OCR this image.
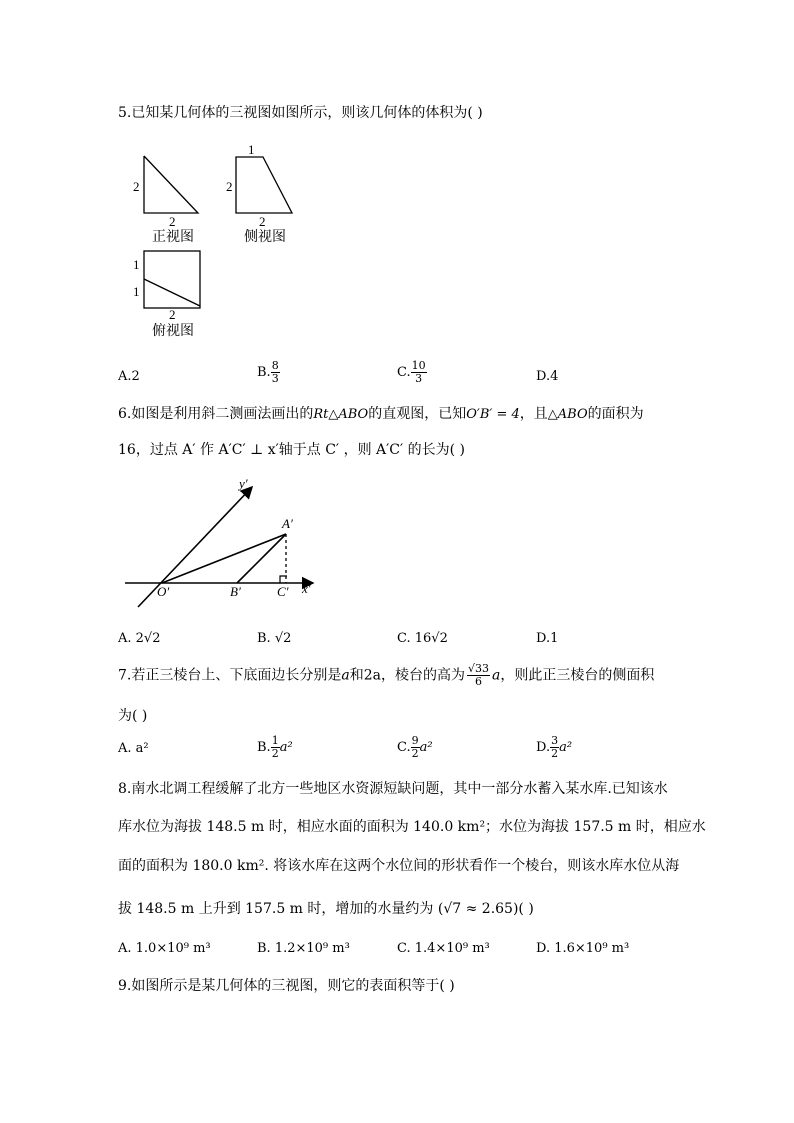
5.已知某几何体的三视图如图所示，则该几何体的体积为( )
2
2
正视图
1
2
2
侧视图
1
1
2
俯视图
A.2	B. $\frac{8}{3}$	C. $\frac{10}{3}$	D.4
6.如图是利用斜二测画法画出的Rt△ABO的直观图，已知O′B′ = 4，且△ABO的面积为
16，过点 A′ 作 A′C′ ⊥ x′轴于点 C′ ，则 A′C′ 的长为( )
y′
A′
O′	B′	C′ x′
A. 2√2	B. √2	C. 16√2	D.1
7.若正三棱台上、下底面边长分别是a和2a，棱台的高为 $\frac{√33}{6}$ a，则此正三棱台的侧面积
为( )
A. a²	B. $\frac{1}{2} a^2$	C. $\frac{9}{2} a^2$	D. $\frac{3}{2} a^2$
8.南水北调工程缓解了北方一些地区水资源短缺问题，其中一部分水蓄入某水库.已知该水
库水位为海拔 148.5 m 时，相应水面的面积为 140.0 km²；水位为海拔 157.5 m 时，相应水
面的面积为 180.0 km². 将该水库在这两个水位间的形状看作一个棱台，则该水库水位从海
拔 148.5 m 上升到 157.5 m 时，增加的水量约为 (√7 ≈ 2.65)( )
A. 1.0×10⁹ m³	B. 1.2×10⁹ m³	C. 1.4×10⁹ m³	D. 1.6×10⁹ m³
9.如图所示是某几何体的三视图，则它的表面积等于( )
